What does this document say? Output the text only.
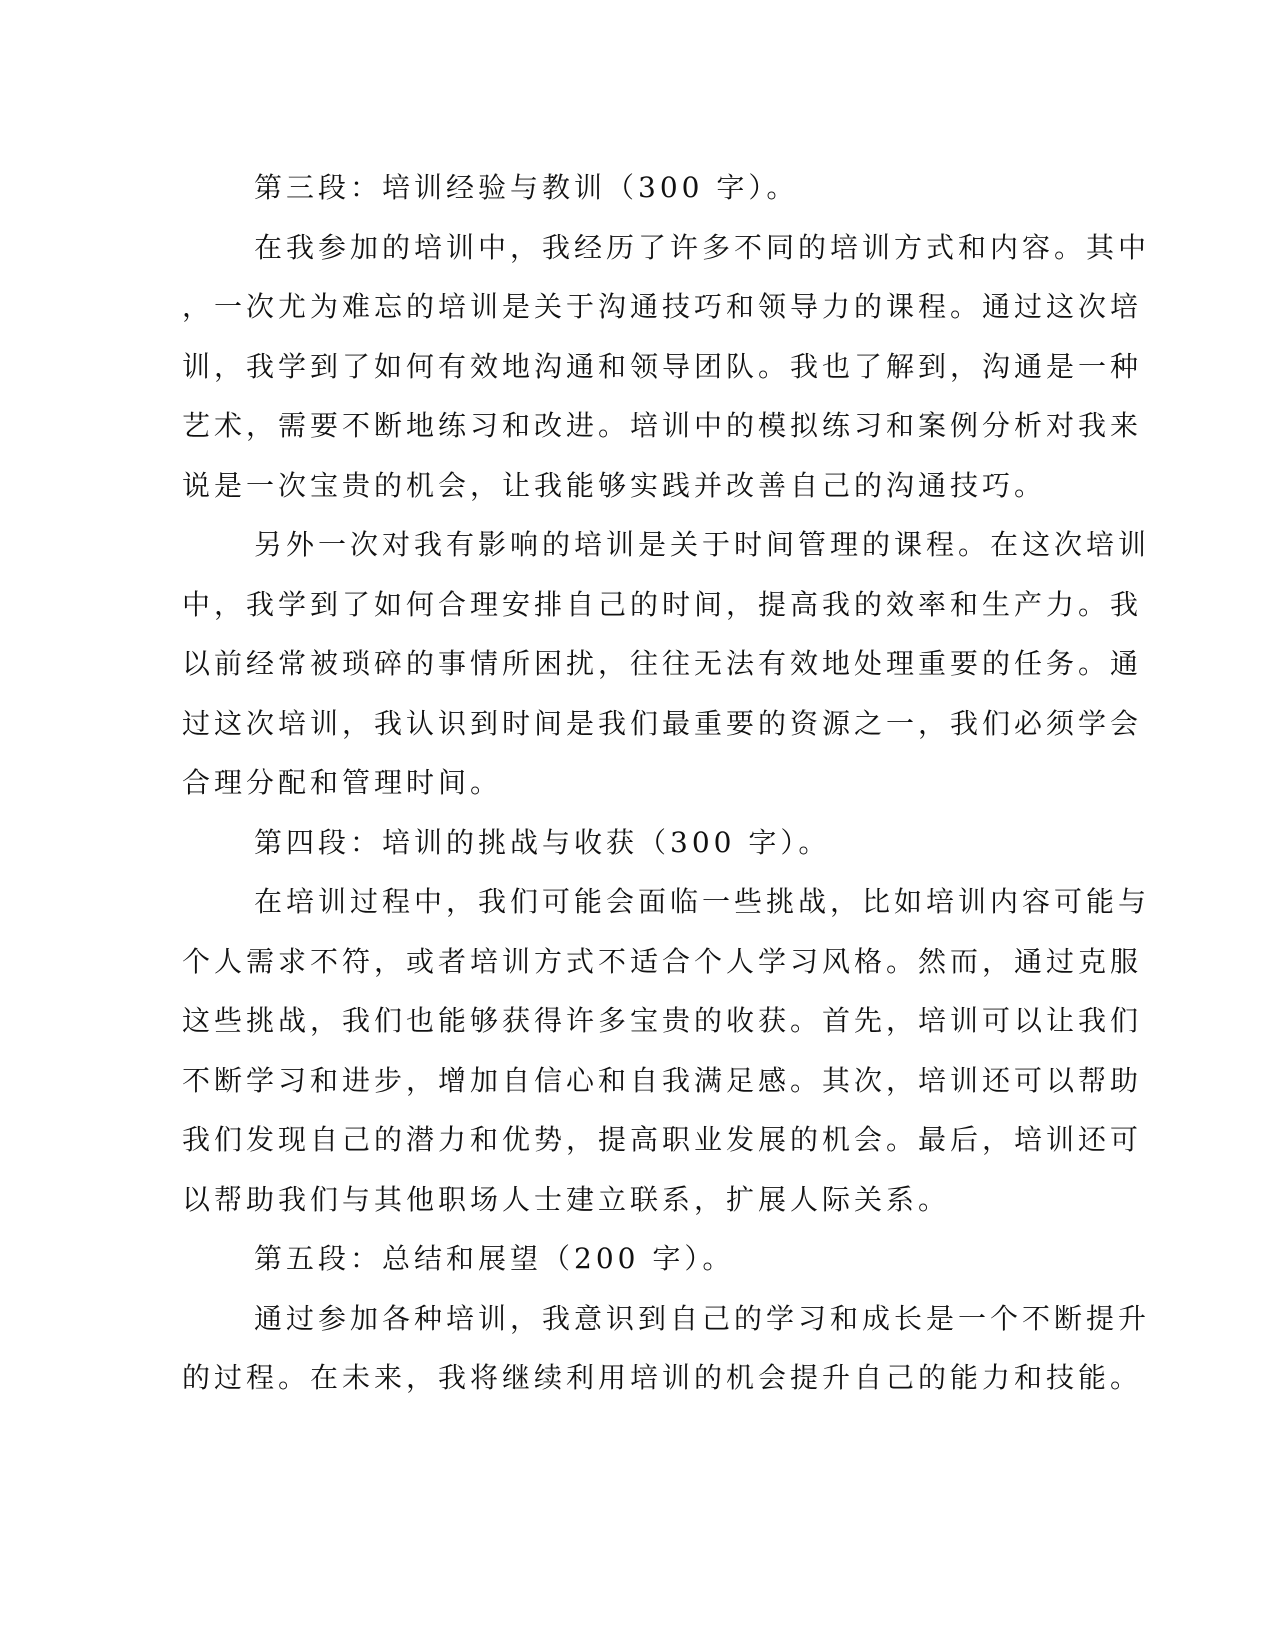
第三段：培训经验与教训（300 字）。
在我参加的培训中，我经历了许多不同的培训方式和内容。其中
，一次尤为难忘的培训是关于沟通技巧和领导力的课程。通过这次培
训，我学到了如何有效地沟通和领导团队。我也了解到，沟通是一种
艺术，需要不断地练习和改进。培训中的模拟练习和案例分析对我来
说是一次宝贵的机会，让我能够实践并改善自己的沟通技巧。
另外一次对我有影响的培训是关于时间管理的课程。在这次培训
中，我学到了如何合理安排自己的时间，提高我的效率和生产力。我
以前经常被琐碎的事情所困扰，往往无法有效地处理重要的任务。通
过这次培训，我认识到时间是我们最重要的资源之一，我们必须学会
合理分配和管理时间。
第四段：培训的挑战与收获（300 字）。
在培训过程中，我们可能会面临一些挑战，比如培训内容可能与
个人需求不符，或者培训方式不适合个人学习风格。然而，通过克服
这些挑战，我们也能够获得许多宝贵的收获。首先，培训可以让我们
不断学习和进步，增加自信心和自我满足感。其次，培训还可以帮助
我们发现自己的潜力和优势，提高职业发展的机会。最后，培训还可
以帮助我们与其他职场人士建立联系，扩展人际关系。
第五段：总结和展望（200 字）。
通过参加各种培训，我意识到自己的学习和成长是一个不断提升
的过程。在未来，我将继续利用培训的机会提升自己的能力和技能。
